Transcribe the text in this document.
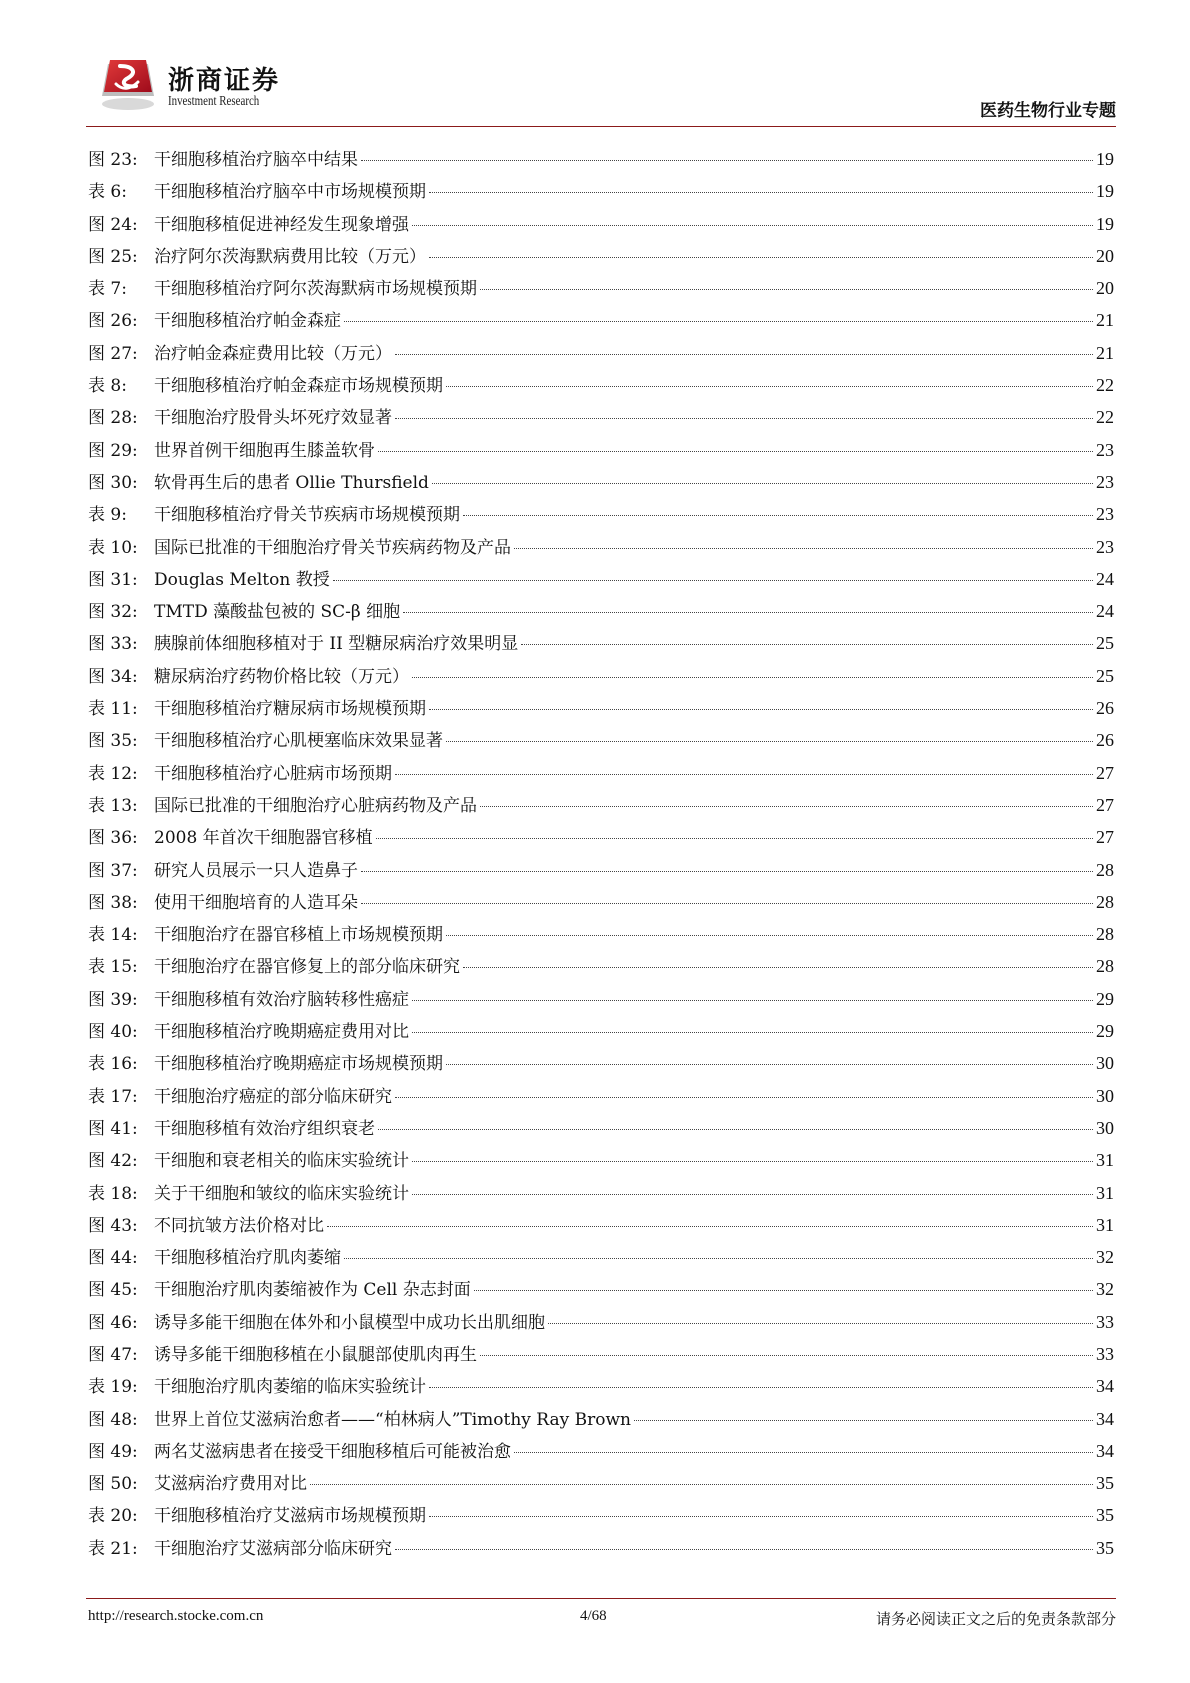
浙商证券
Investment Research	医药生物行业专题
图 23: 干细胞移植治疗脑卒中结果	19
表 6:	干细胞移植治疗脑卒中市场规模预期	19
图 24: 干细胞移植促进神经发生现象增强	19
图 25: 治疗阿尔茨海默病费用比较（万元）	20
表 7:	干细胞移植治疗阿尔茨海默病市场规模预期	20
图 26: 干细胞移植治疗帕金森症	21
图 27: 治疗帕金森症费用比较（万元）	21
表 8:	干细胞移植治疗帕金森症市场规模预期	22
图 28: 干细胞治疗股骨头坏死疗效显著	22
图 29: 世界首例干细胞再生膝盖软骨	23
图 30: 软骨再生后的患者 Ollie Thursfield	23
表 9:	干细胞移植治疗骨关节疾病市场规模预期	23
表 10: 国际已批准的干细胞治疗骨关节疾病药物及产品	23
图 31: Douglas Melton 教授	24
图 32: TMTD 藻酸盐包被的 SC-β 细胞	24
图 33: 胰腺前体细胞移植对于 II 型糖尿病治疗效果明显	25
图 34: 糖尿病治疗药物价格比较（万元）	25
表 11: 干细胞移植治疗糖尿病市场规模预期	26
图 35: 干细胞移植治疗心肌梗塞临床效果显著	26
表 12: 干细胞移植治疗心脏病市场预期	27
表 13: 国际已批准的干细胞治疗心脏病药物及产品	27
图 36: 2008 年首次干细胞器官移植	27
图 37: 研究人员展示一只人造鼻子	28
图 38: 使用干细胞培育的人造耳朵	28
表 14: 干细胞治疗在器官移植上市场规模预期	28
表 15: 干细胞治疗在器官修复上的部分临床研究	28
图 39: 干细胞移植有效治疗脑转移性癌症	29
图 40: 干细胞移植治疗晚期癌症费用对比	29
表 16: 干细胞移植治疗晚期癌症市场规模预期	30
表 17: 干细胞治疗癌症的部分临床研究	30
图 41: 干细胞移植有效治疗组织衰老	30
图 42: 干细胞和衰老相关的临床实验统计	31
表 18: 关于干细胞和皱纹的临床实验统计	31
图 43: 不同抗皱方法价格对比	31
图 44: 干细胞移植治疗肌肉萎缩	32
图 45: 干细胞治疗肌肉萎缩被作为 Cell 杂志封面	32
图 46: 诱导多能干细胞在体外和小鼠模型中成功长出肌细胞	33
图 47: 诱导多能干细胞移植在小鼠腿部使肌肉再生	33
表 19: 干细胞治疗肌肉萎缩的临床实验统计	34
图 48: 世界上首位艾滋病治愈者——“柏林病人”Timothy Ray Brown	34
图 49: 两名艾滋病患者在接受干细胞移植后可能被治愈	34
图 50: 艾滋病治疗费用对比	35
表 20: 干细胞移植治疗艾滋病市场规模预期	35
表 21: 干细胞治疗艾滋病部分临床研究	35
http://research.stocke.com.cn	4/68	请务必阅读正文之后的免责条款部分
